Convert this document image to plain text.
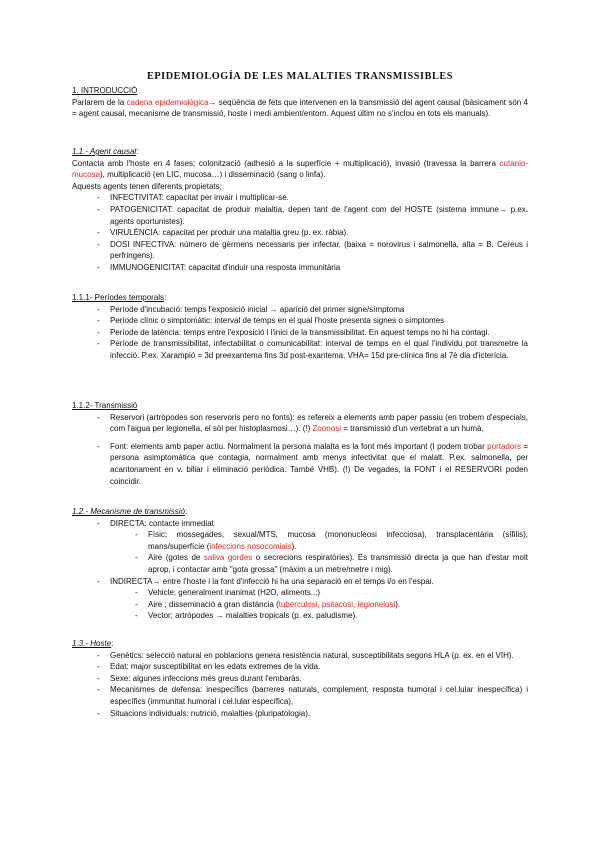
EPIDEMIOLOGÍA DE LES MALALTIES TRANSMISSIBLES
1. INTRODUCCIÓ
Parlarem de la cadena epidemiològica→ seqüència de fets que intervenen en la transmissió del agent causal (bàsicament són 4 = agent causal, mecanisme de transmissió, hoste i medi ambient/entorn. Aquest últim no s'inclou en tots els manuals).
1.1.- Agent causal:
Contacta amb l'hoste en 4 fases; colonització (adhesió a la superfície + multiplicació), invasió (travessa la barrera cutanio-mucosa), multiplicació (en LIC, mucosa…) i disseminació (sang o linfa).
Aquests agents tenen diferents propietats;
- INFECTIVITAT: capacitat per invair i multiplicar-se.
- PATOGENICITAT: capacitat de produir malaltia, depen tant de l'agent com del HOSTE (sistema immune→ p.ex. agents oportunistes).
- VIRULÈNCIA: capacitat per produir una malaltia greu (p. ex. ràbia).
- DOSI INFECTIVA: número de gèrmens necessaris per infectar. (baixa = norovirus i salmonella, alta = B. Cereus i perfringens).
- IMMUNOGENICITAT: capacitat d'induir una resposta immunitària
1.1.1- Períodes temporals:
- Període d'incubació: temps l'exposició inicial → aparició del primer signe/símptoma
- Període clínic o simptomàtic: interval de temps en el qual l'hoste presenta signes o símptomes
- Període de latència: temps entre l'exposició i l'inici de la transmissibilitat. En aquest temps no hi ha contagi.
- Període de transmissibilitat, infectabilitat o comunicabilitat: interval de temps en el qual l'individu pot transmetre la infecció. P.ex. Xarampió = 3d preexantema fins 3d post-exantema. VHA= 15d pre-clínica fins al 7è dia d'icterícia.
1.1.2- Transmissió
- Reservori (artròpodes son reservoris pero no fonts): es refereix a elements amb paper passiu (en trobem d'especials, com l'aigua per legionella, el sòl per histoplasmosi…). (!) Zoonosi = transmissió d'un vertebrat a un humà.
- Font: elements amb paper actiu. Normalment la persona malalta es la font més important (I podem trobar portadors = persona asimptomàtica que contagia, normalment amb menys infectivitat que el malalt. P.ex. salmonella, per acantonament en v. biliar i eliminació periòdica. També VHB). (!) De vegades, la FONT i el RESERVORI poden coincidir.
1.2.- Mecanisme de transmissió:
- DIRECTA: contacte immediat
- Físic; mossegades, sexual/MTS, mucosa (mononucleosi infecciosa), transplacentària (sífilis), mans/superfície (infeccions nosocomials).
- Aire (gotes de saliva gordes o secrecions respiratòries). Es transmissió directa ja que han d'estar molt aprop, i contactar amb "gota grossa" (màxim a un metre/metre i mig).
- INDIRECTA→ entre l'hoste i la font d'infecció hi ha una separació en el temps i/o en l'espai.
- Vehicle; generalment inanimat (H2O, aliments..:)
- Aire ; disseminació a gran distància (tuberculosi, psitacosi, legionelosi).
- Vector; artròpodes → malalties tropicals (p. ex. paludisme).
1.3.- Hoste:
- Genètics: selecció natural en poblacions genera resistència natural, susceptibilitats segons HLA (p. ex. en el VIH).
- Edat: major susceptibilitat en les edats extremes de la vida.
- Sexe: algunes infeccions més greus durant l'embaràs.
- Mecanismes de defensa: inespecífics (barreres naturals, complement, resposta humoral i cel.lular inespecífica) i específics (immunitat humoral i cel.lular específica),
- Situacions individuals: nutrició, malalties (pluripatologia).
